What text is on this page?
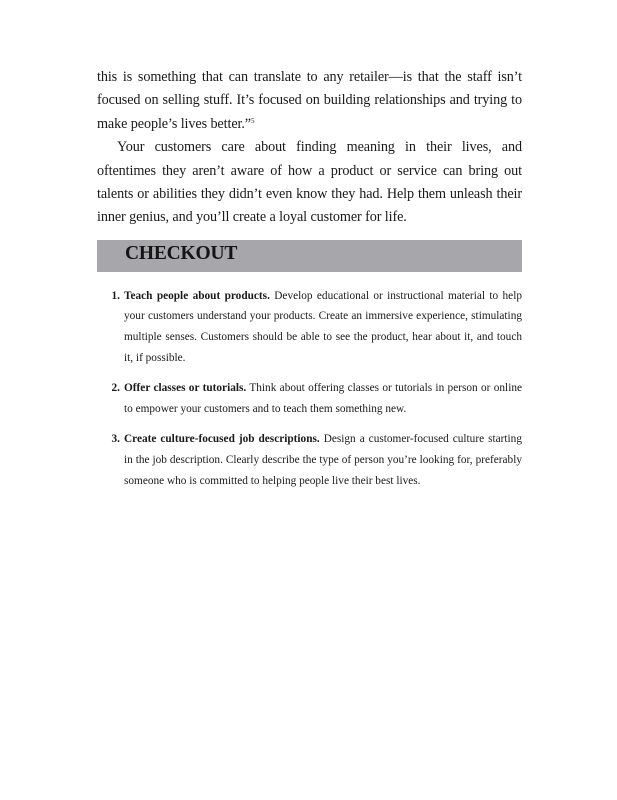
this is something that can translate to any retailer—is that the staff isn’t focused on selling stuff. It’s focused on building relationships and trying to make people’s lives better.”$^5$

Your customers care about finding meaning in their lives, and oftentimes they aren’t aware of how a product or service can bring out talents or abilities they didn’t even know they had. Help them unleash their inner genius, and you’ll create a loyal customer for life.

CHECKOUT
1. Teach people about products. Develop educational or instructional material to help your customers understand your products. Create an immersive experience, stimulating multiple senses. Customers should be able to see the product, hear about it, and touch it, if possible.
2. Offer classes or tutorials. Think about offering classes or tutorials in person or online to empower your customers and to teach them something new.
3. Create culture-focused job descriptions. Design a customer-focused culture starting in the job description. Clearly describe the type of person you’re looking for, preferably someone who is committed to helping people live their best lives.
